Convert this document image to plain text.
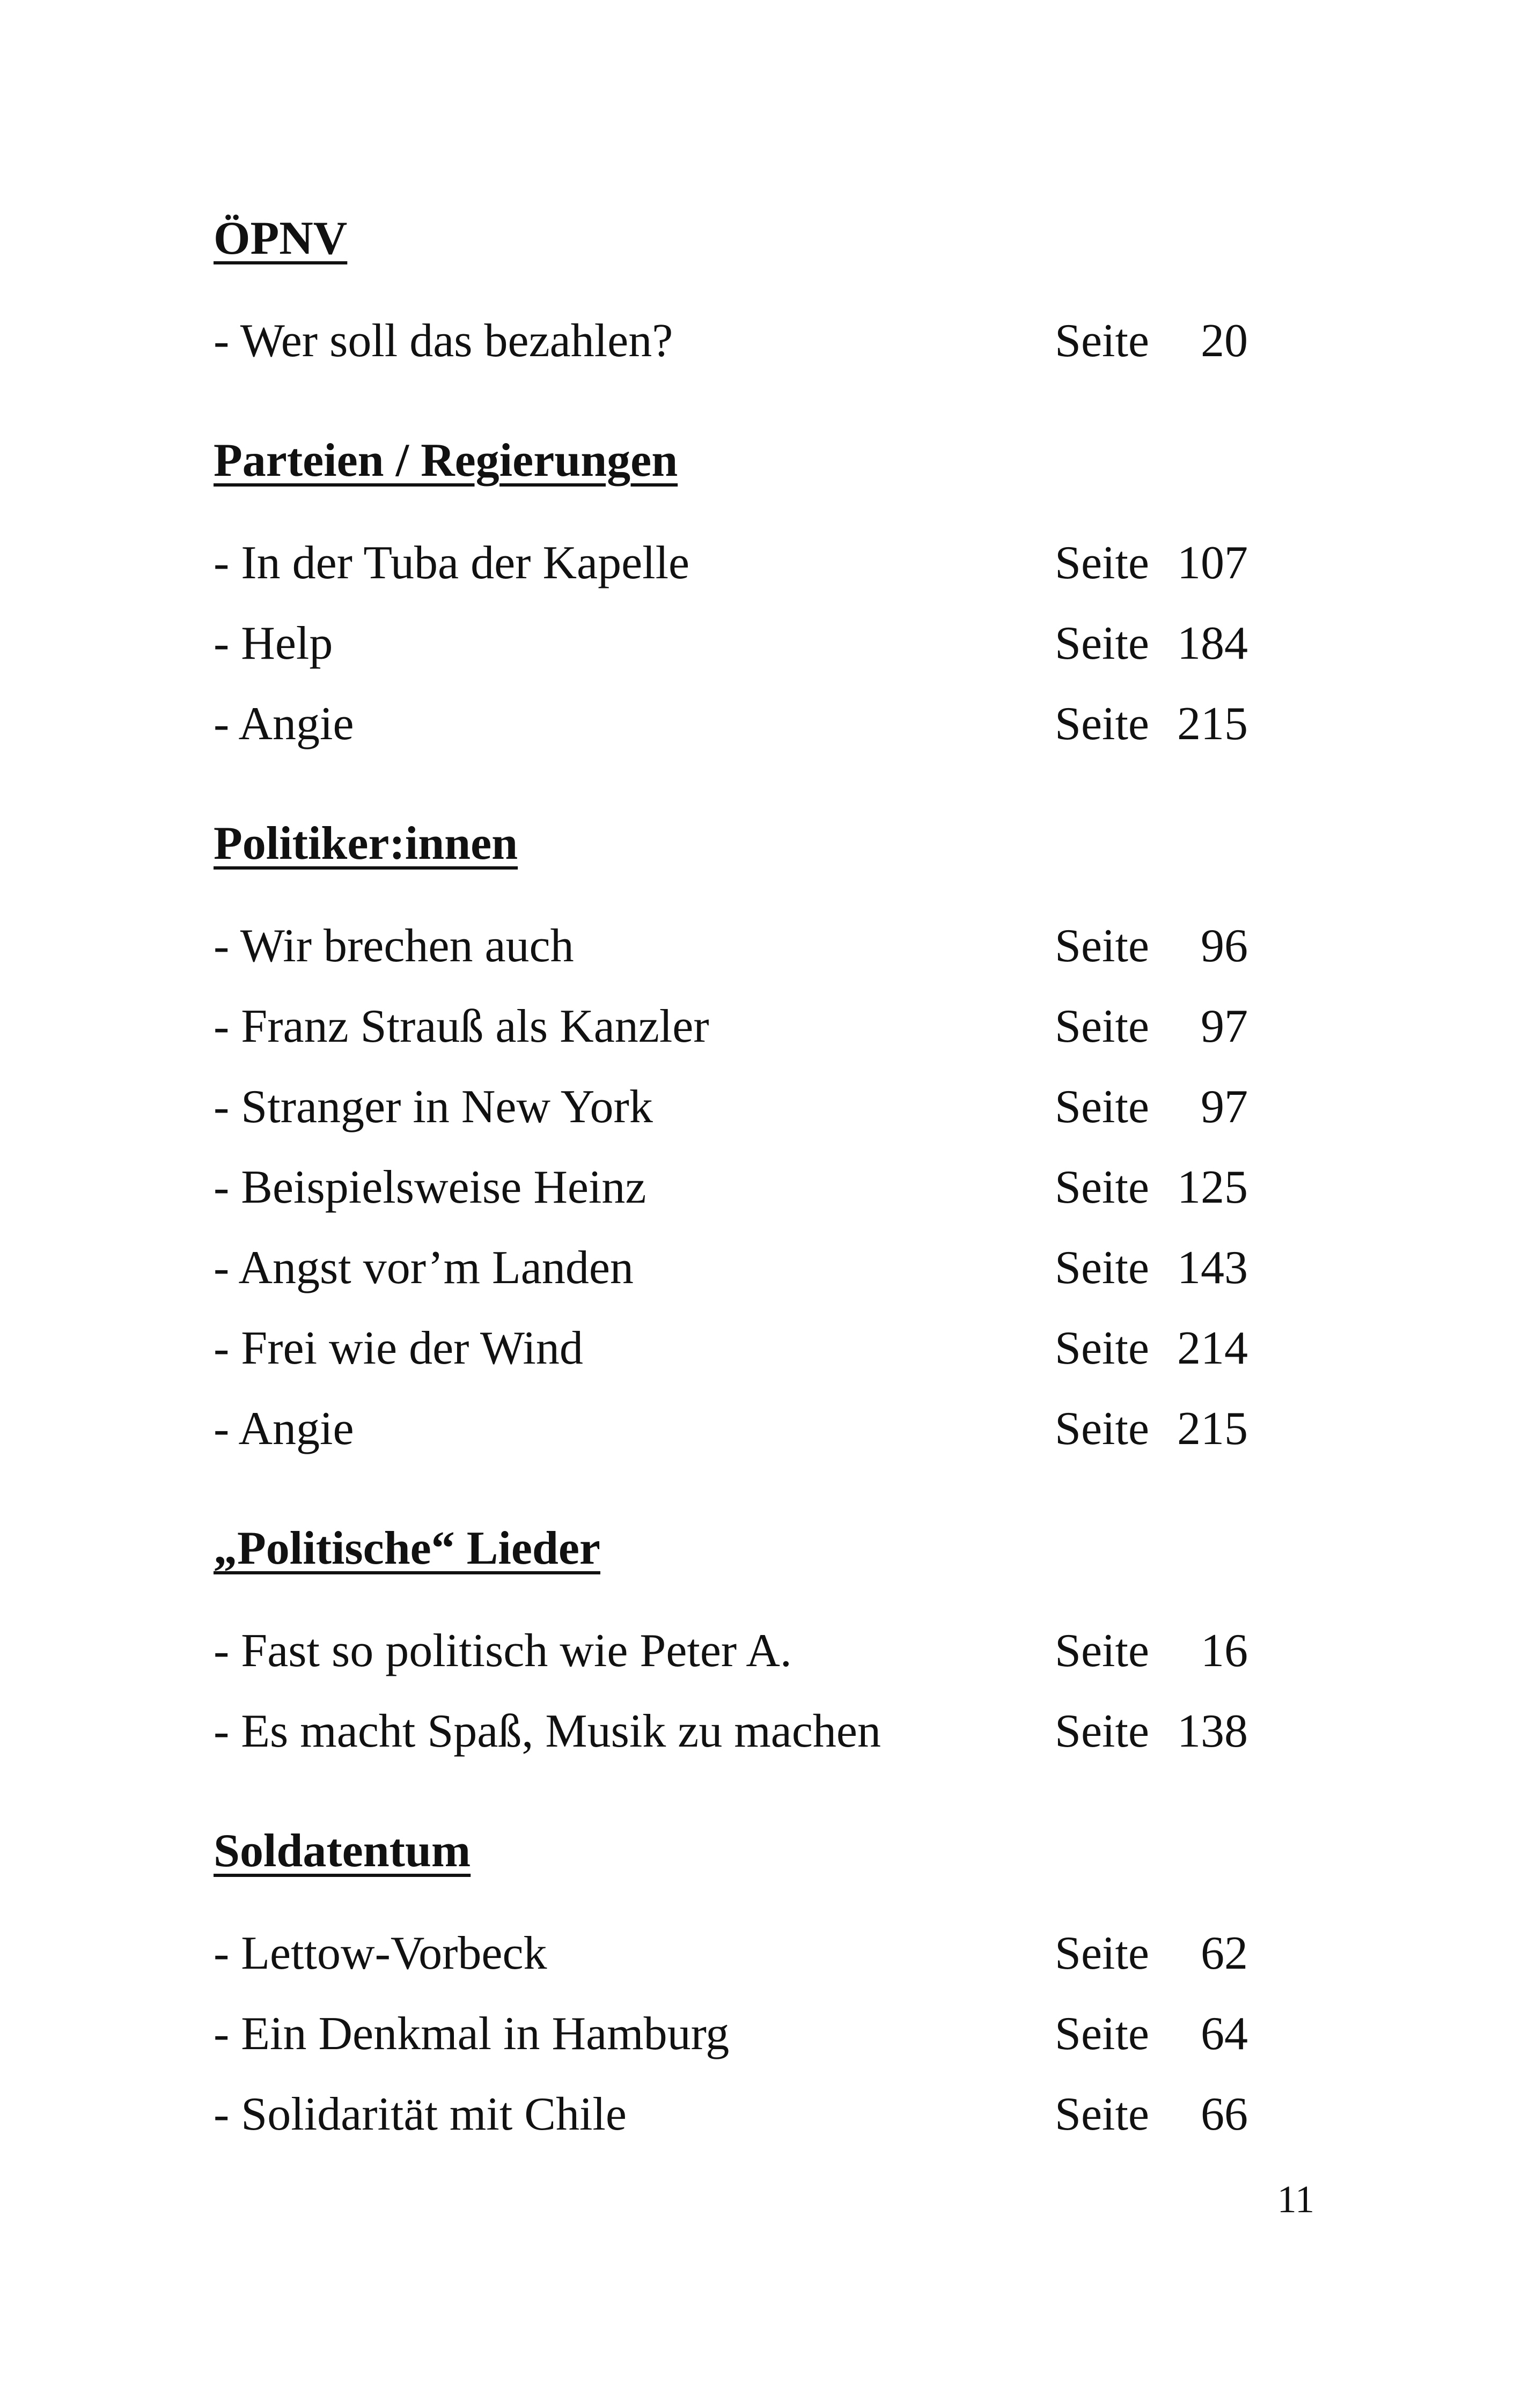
ÖPNV
- Wer soll das bezahlen?	Seite 20
Parteien / Regierungen
- In der Tuba der Kapelle	Seite 107
- Help	Seite 184
- Angie	Seite 215
Politiker:innen
- Wir brechen auch	Seite 96
- Franz Strauß als Kanzler	Seite 97
- Stranger in New York	Seite 97
- Beispielsweise Heinz	Seite 125
- Angst vor’m Landen	Seite 143
- Frei wie der Wind	Seite 214
- Angie	Seite 215
„Politische“ Lieder
- Fast so politisch wie Peter A.	Seite 16
- Es macht Spaß, Musik zu machen	Seite 138
Soldatentum
- Lettow-Vorbeck	Seite 62
- Ein Denkmal in Hamburg	Seite 64
- Solidarität mit Chile	Seite 66
11
